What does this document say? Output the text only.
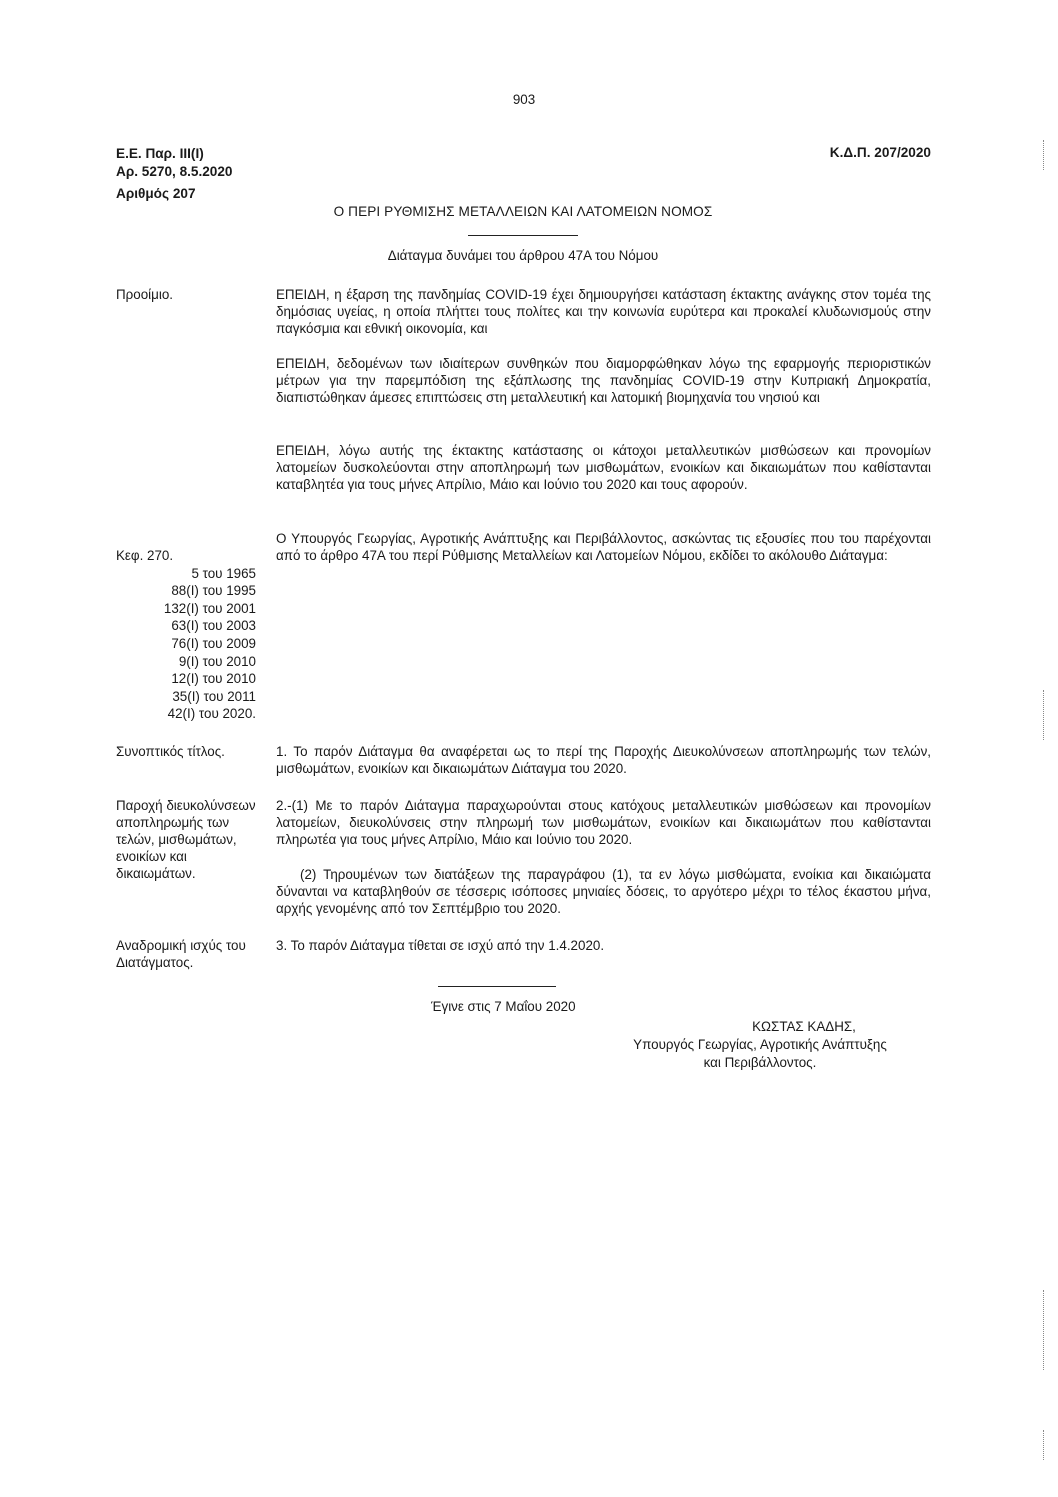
903
Ε.Ε. Παρ. ΙΙΙ(Ι)
Αρ. 5270, 8.5.2020
Κ.Δ.Π. 207/2020
Αριθμός 207
Ο ΠΕΡΙ ΡΥΘΜΙΣΗΣ ΜΕΤΑΛΛΕΙΩΝ ΚΑΙ ΛΑΤΟΜΕΙΩΝ ΝΟΜΟΣ
Διάταγμα δυνάμει του άρθρου 47Α του Νόμου
Προοίμιο.	ΕΠΕΙΔΗ, η έξαρση της πανδημίας COVID-19 έχει δημιουργήσει κατάσταση έκτακτης ανάγκης στον τομέα της δημόσιας υγείας, η οποία πλήττει τους πολίτες και την κοινωνία ευρύτερα και προκαλεί κλυδωνισμούς στην παγκόσμια και εθνική οικονομία, και
ΕΠΕΙΔΗ, δεδομένων των ιδιαίτερων συνθηκών που διαμορφώθηκαν λόγω της εφαρμογής περιοριστικών μέτρων για την παρεμπόδιση της εξάπλωσης της πανδημίας COVID-19 στην Κυπριακή Δημοκρατία, διαπιστώθηκαν άμεσες επιπτώσεις στη μεταλλευτική και λατομική βιομηχανία του νησιού και
ΕΠΕΙΔΗ, λόγω αυτής της έκτακτης κατάστασης οι κάτοχοι μεταλλευτικών μισθώσεων και προνομίων λατομείων δυσκολεύονται στην αποπληρωμή των μισθωμάτων, ενοικίων και δικαιωμάτων που καθίστανται καταβλητέα για τους μήνες Απρίλιο, Μάιο και Ιούνιο του 2020 και τους αφορούν.
Ο Υπουργός Γεωργίας, Αγροτικής Ανάπτυξης και Περιβάλλοντος, ασκώντας τις εξουσίες που του παρέχονται από το άρθρο 47Α του περί Ρύθμισης Μεταλλείων και Λατομείων Νόμου, εκδίδει το ακόλουθο Διάταγμα:
Κεφ. 270.
5 του 1965
88(Ι) του 1995
132(Ι) του 2001
63(Ι) του 2003
76(Ι) του 2009
9(Ι) του 2010
12(Ι) του 2010
35(Ι) του 2011
42(Ι) του 2020.
Συνοπτικός τίτλος.	1. Το παρόν Διάταγμα θα αναφέρεται ως το περί της Παροχής Διευκολύνσεων αποπληρωμής των τελών, μισθωμάτων, ενοικίων και δικαιωμάτων Διάταγμα του 2020.
Παροχή διευκολύνσεων αποπληρωμής των τελών, μισθωμάτων, ενοικίων και δικαιωμάτων.
2.-(1) Με το παρόν Διάταγμα παραχωρούνται στους κατόχους μεταλλευτικών μισθώσεων και προνομίων λατομείων, διευκολύνσεις στην πληρωμή των μισθωμάτων, ενοικίων και δικαιωμάτων που καθίστανται πληρωτέα για τους μήνες Απρίλιο, Μάιο και Ιούνιο του 2020.
(2) Τηρουμένων των διατάξεων της παραγράφου (1), τα εν λόγω μισθώματα, ενοίκια και δικαιώματα δύνανται να καταβληθούν σε τέσσερις ισόποσες μηνιαίες δόσεις, το αργότερο μέχρι το τέλος έκαστου μήνα, αρχής γενομένης από τον Σεπτέμβριο του 2020.
Αναδρομική ισχύς του Διατάγματος.
3. Το παρόν Διάταγμα τίθεται σε ισχύ από την 1.4.2020.
Έγινε στις 7 Μαΐου 2020
ΚΩΣΤΑΣ ΚΑΔΗΣ,
Υπουργός Γεωργίας, Αγροτικής Ανάπτυξης
και Περιβάλλοντος.
